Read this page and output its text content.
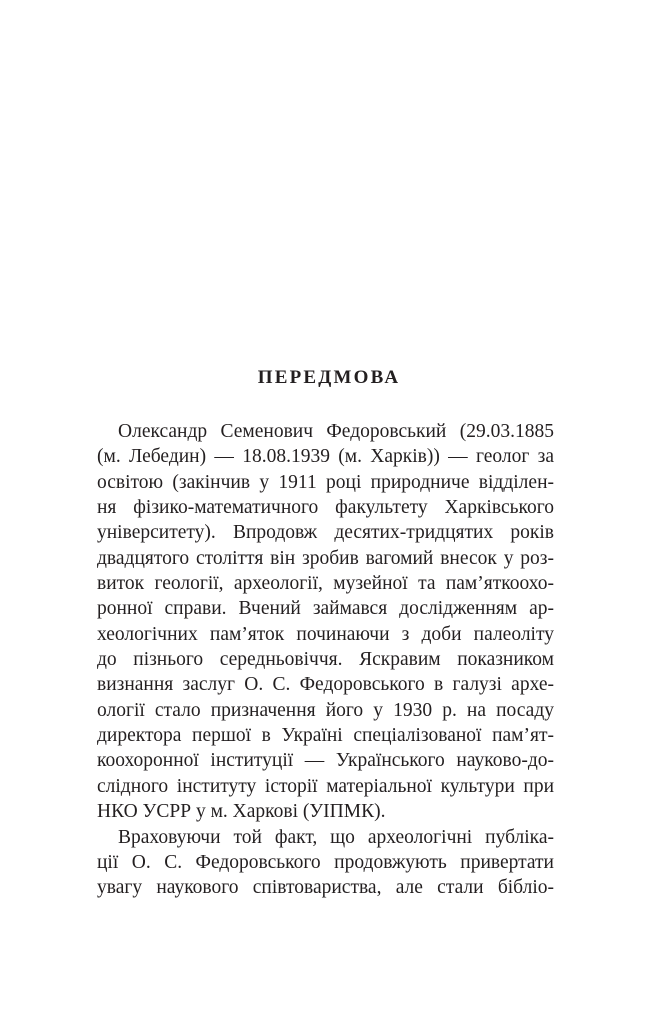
ПЕРЕДМОВА
Олександр Семенович Федоровський (29.03.1885
(м. Лебедин) — 18.08.1939 (м. Харків)) — геолог за
освітою (закінчив у 1911 році природниче відділен-
ня фізико-математичного факультету Харківського
університету). Впродовж десятих-тридцятих років
двадцятого століття він зробив вагомий внесок у роз-
виток геології, археології, музейної та пам’яткоохо-
ронної справи. Вчений займався дослідженням ар-
хеологічних пам’яток починаючи з доби палеоліту
до пізнього середньовіччя. Яскравим показником
визнання заслуг О. С. Федоровського в галузі архе-
ології стало призначення його у 1930 р. на посаду
директора першої в Україні спеціалізованої пам’ят-
коохоронної інституції — Українського науково-до-
слідного інституту історії матеріальної культури при
НКО УСРР у м. Харкові (УІПМК).
Враховуючи той факт, що археологічні публіка-
ції О. С. Федоровського продовжують привертати
увагу наукового співтовариства, але стали бібліо-
